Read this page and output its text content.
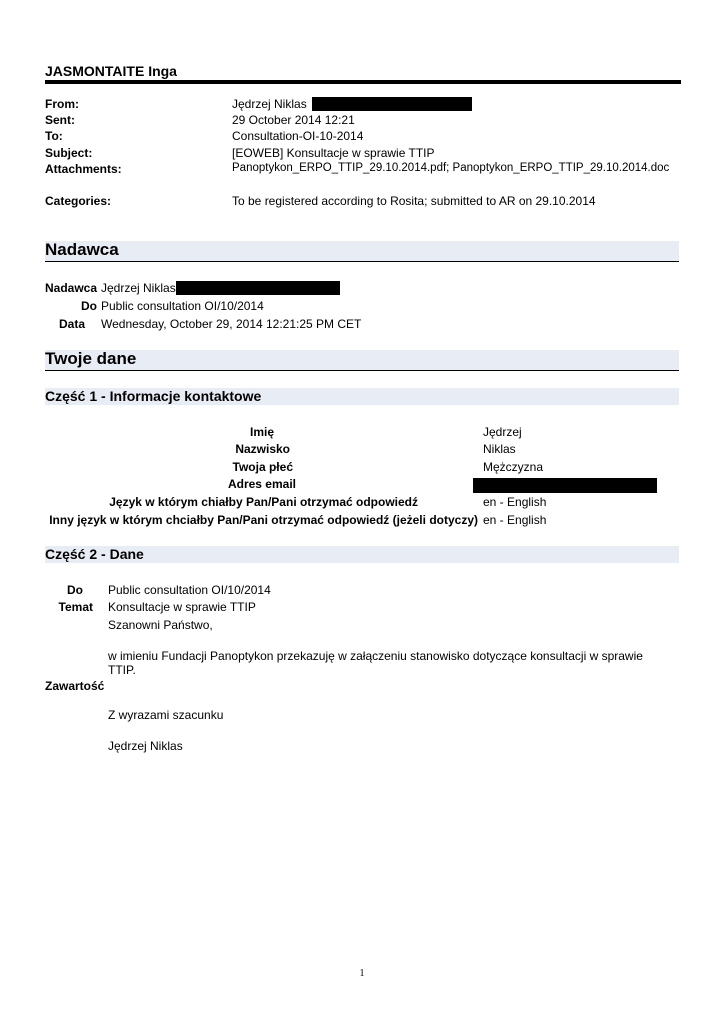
JASMONTAITE Inga
From:	Jędrzej Niklas
Sent:	29 October 2014 12:21
To:	Consultation-OI-10-2014
Subject:	[EOWEB] Konsultacje w sprawie TTIP
Attachments:	Panoptykon_ERPO_TTIP_29.10.2014.pdf; Panoptykon_ERPO_TTIP_29.10.2014.doc
Categories:	To be registered according to Rosita; submitted to AR on 29.10.2014
Nadawca
Nadawca Jędrzej Niklas
Do Public consultation OI/10/2014
Data Wednesday, October 29, 2014 12:21:25 PM CET
Twoje dane
Część 1 - Informacje kontaktowe
Imię	Jędrzej
Nazwisko	Niklas
Twoja płeć	Mężczyzna
Adres email
Język w którym chiałby Pan/Pani otrzymać odpowiedź	en - English
Inny język w którym chciałby Pan/Pani otrzymać odpowiedź (jeżeli dotyczy) en - English
Część 2 - Dane
Do Public consultation OI/10/2014
Temat Konsultacje w sprawie TTIP
Szanowni Państwo,
w imieniu Fundacji Panoptykon przekazuję w załączeniu stanowisko dotyczące konsultacji w sprawie TTIP.
Zawartość
Z wyrazami szacunku
Jędrzej Niklas
1
